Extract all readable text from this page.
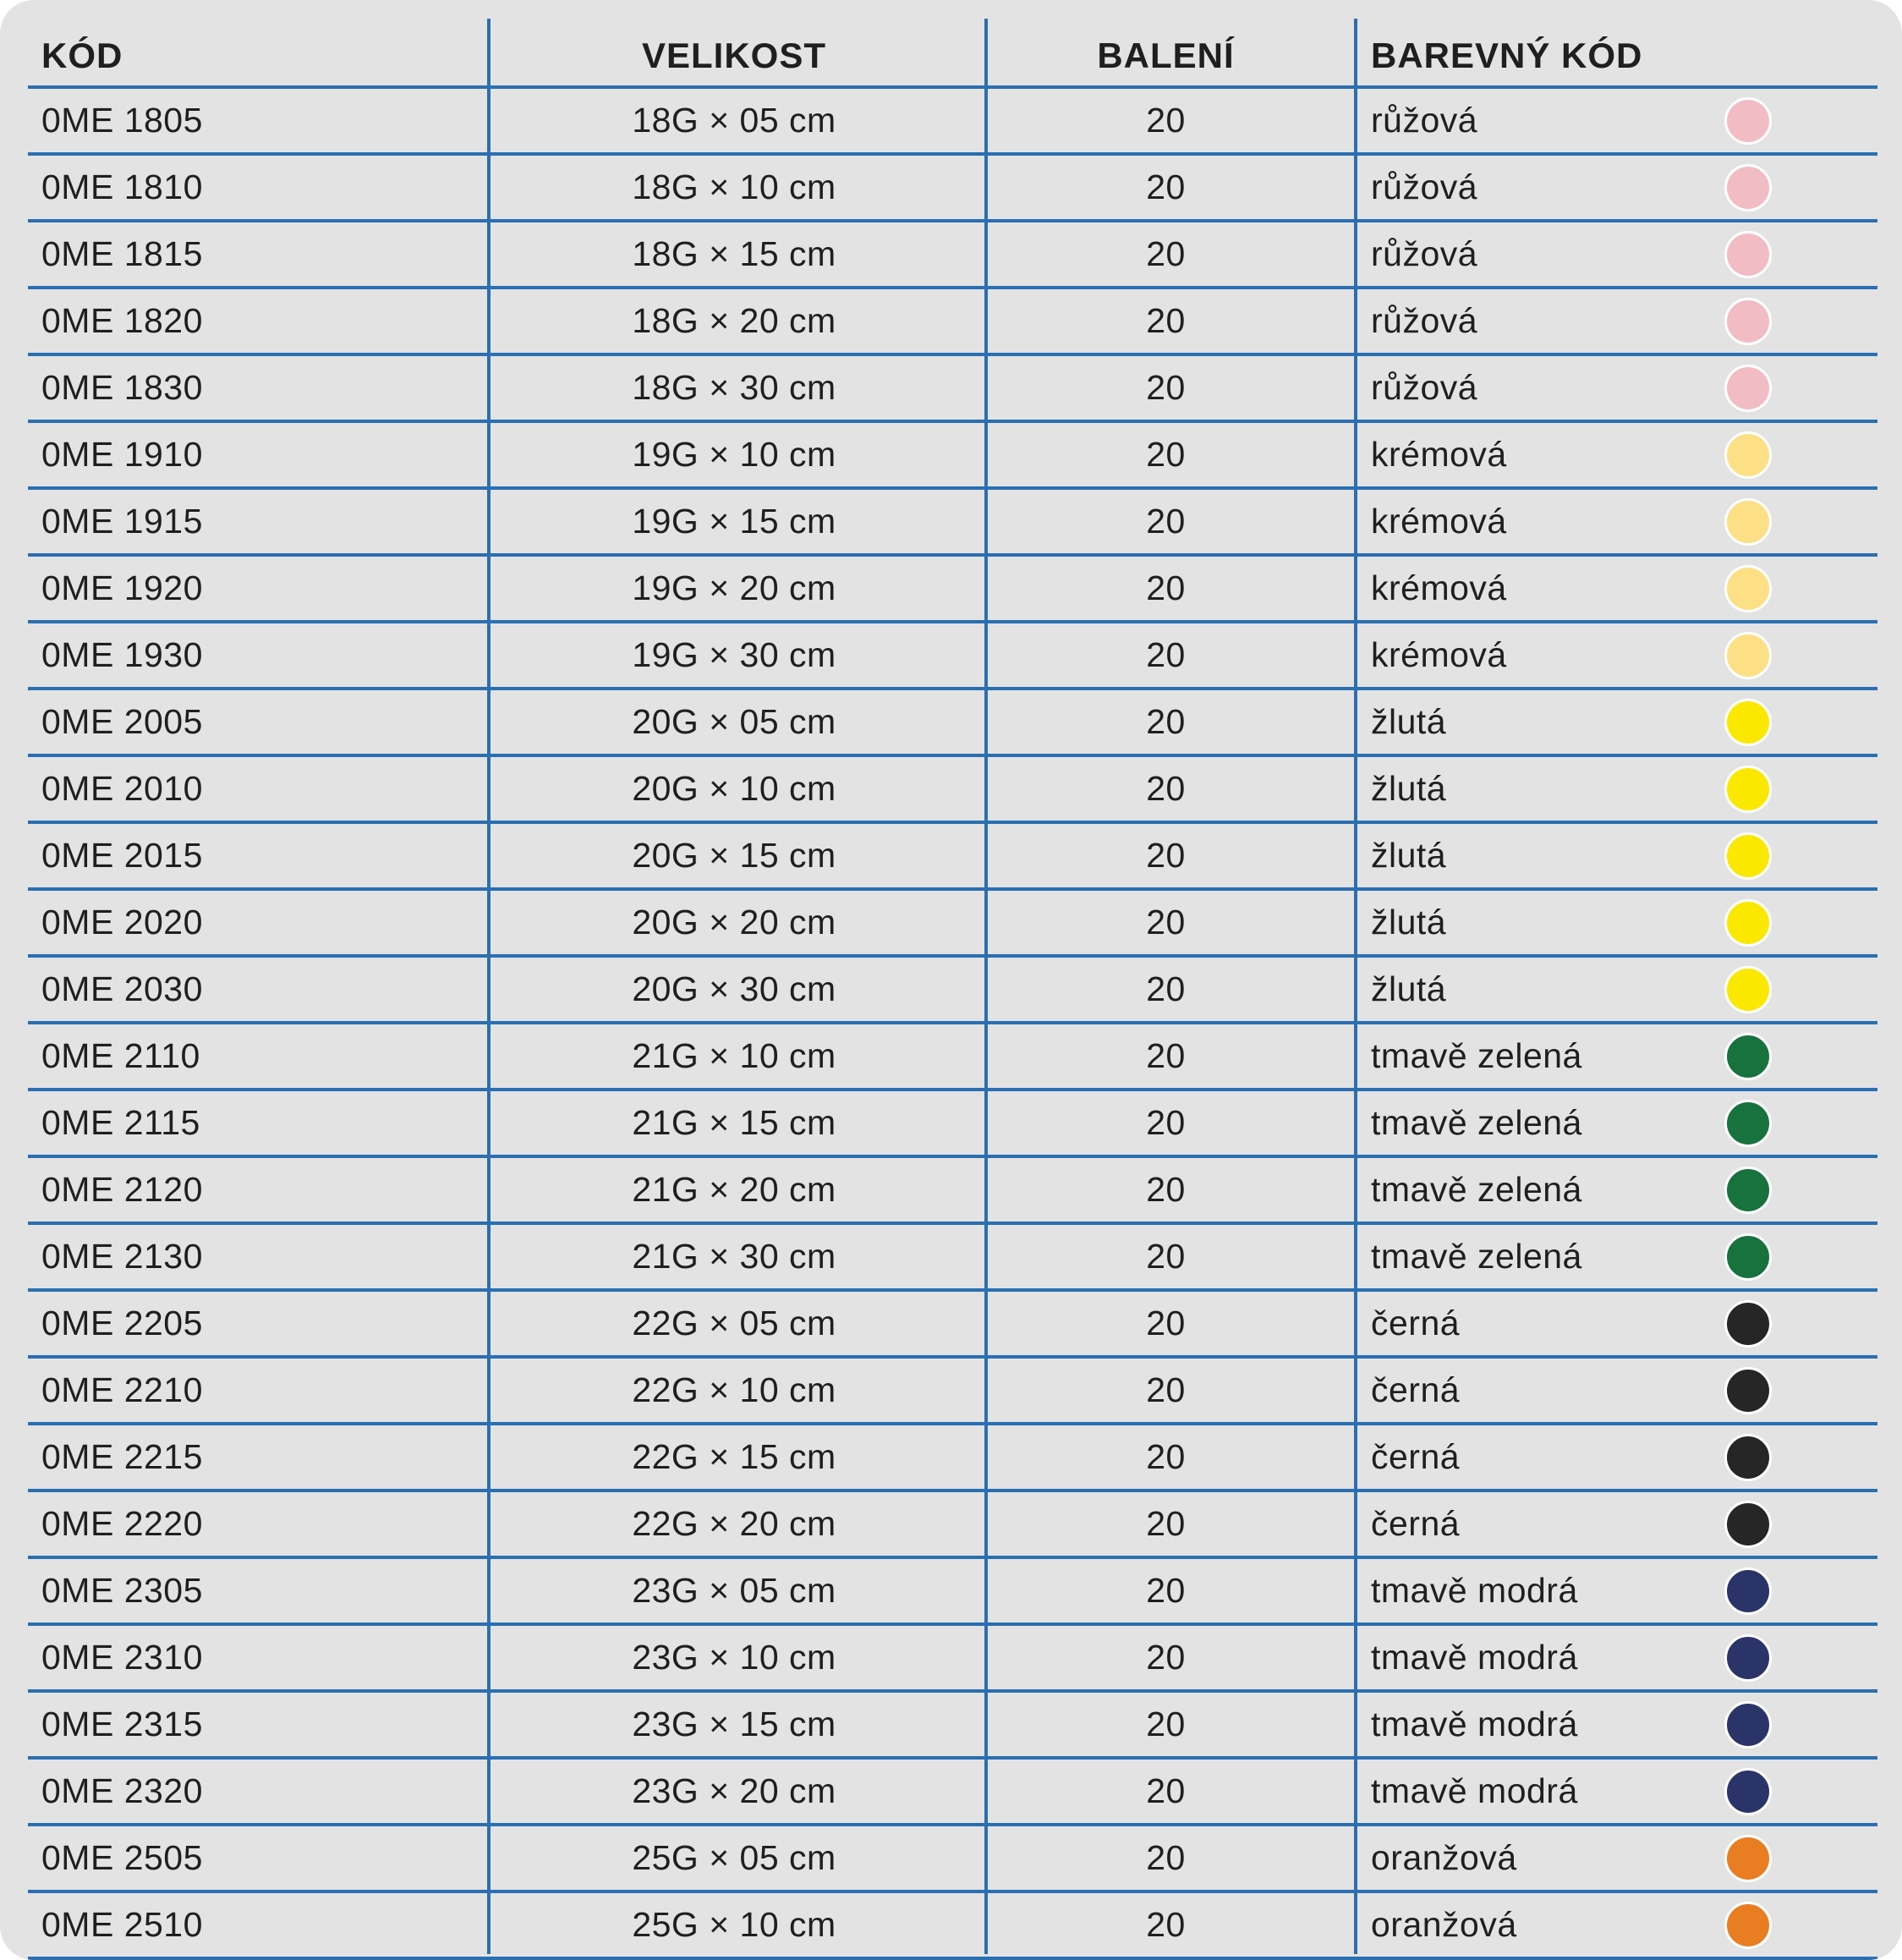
KÓD	VELIKOST	BALENÍ	BAREVNÝ KÓD
0ME 1805	18G × 05 cm	20	růžová
0ME 1810	18G × 10 cm	20	růžová
0ME 1815	18G × 15 cm	20	růžová
0ME 1820	18G × 20 cm	20	růžová
0ME 1830	18G × 30 cm	20	růžová
0ME 1910	19G × 10 cm	20	krémová
0ME 1915	19G × 15 cm	20	krémová
0ME 1920	19G × 20 cm	20	krémová
0ME 1930	19G × 30 cm	20	krémová
0ME 2005	20G × 05 cm	20	žlutá
0ME 2010	20G × 10 cm	20	žlutá
0ME 2015	20G × 15 cm	20	žlutá
0ME 2020	20G × 20 cm	20	žlutá
0ME 2030	20G × 30 cm	20	žlutá
0ME 2110	21G × 10 cm	20	tmavě zelená
0ME 2115	21G × 15 cm	20	tmavě zelená
0ME 2120	21G × 20 cm	20	tmavě zelená
0ME 2130	21G × 30 cm	20	tmavě zelená
0ME 2205	22G × 05 cm	20	černá
0ME 2210	22G × 10 cm	20	černá
0ME 2215	22G × 15 cm	20	černá
0ME 2220	22G × 20 cm	20	černá
0ME 2305	23G × 05 cm	20	tmavě modrá
0ME 2310	23G × 10 cm	20	tmavě modrá
0ME 2315	23G × 15 cm	20	tmavě modrá
0ME 2320	23G × 20 cm	20	tmavě modrá
0ME 2505	25G × 05 cm	20	oranžová
0ME 2510	25G × 10 cm	20	oranžová
